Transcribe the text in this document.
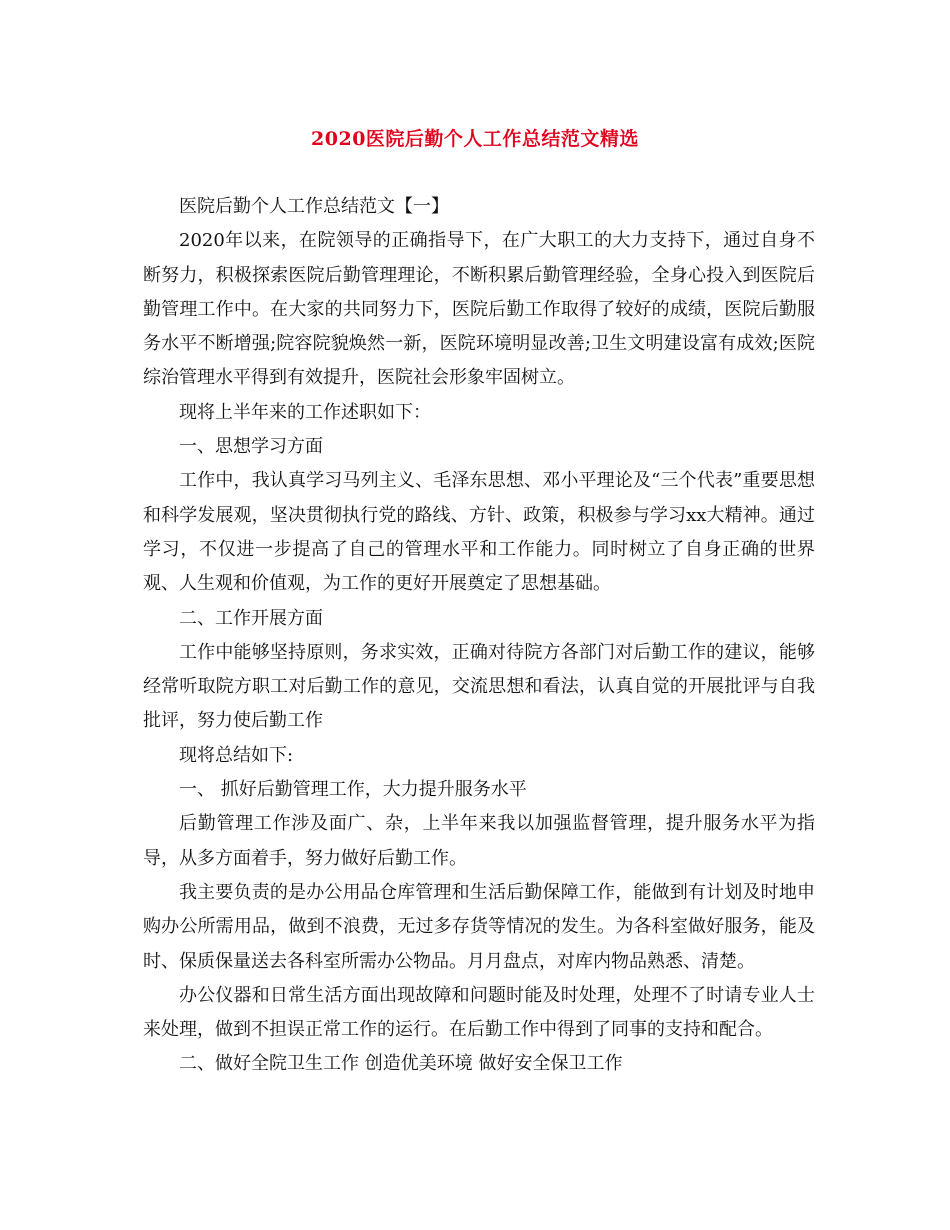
2020医院后勤个人工作总结范文精选

医院后勤个人工作总结范文【一】

2020年以来，在院领导的正确指导下，在广大职工的大力支持下，通过自身不断努力，积极探索医院后勤管理理论，不断积累后勤管理经验，全身心投入到医院后勤管理工作中。在大家的共同努力下，医院后勤工作取得了较好的成绩，医院后勤服务水平不断增强;院容院貌焕然一新，医院环境明显改善;卫生文明建设富有成效;医院综治管理水平得到有效提升，医院社会形象牢固树立。

现将上半年来的工作述职如下：

一、思想学习方面

工作中，我认真学习马列主义、毛泽东思想、邓小平理论及“三个代表”重要思想和科学发展观，坚决贯彻执行党的路线、方针、政策，积极参与学习xx大精神。通过学习，不仅进一步提高了自己的管理水平和工作能力。同时树立了自身正确的世界观、人生观和价值观，为工作的更好开展奠定了思想基础。

二、工作开展方面

工作中能够坚持原则，务求实效，正确对待院方各部门对后勤工作的建议，能够经常听取院方职工对后勤工作的意见，交流思想和看法，认真自觉的开展批评与自我批评，努力使后勤工作

现将总结如下:

一、 抓好后勤管理工作，大力提升服务水平

后勤管理工作涉及面广、杂，上半年来我以加强监督管理，提升服务水平为指导，从多方面着手，努力做好后勤工作。

我主要负责的是办公用品仓库管理和生活后勤保障工作，能做到有计划及时地申购办公所需用品，做到不浪费，无过多存货等情况的发生。为各科室做好服务，能及时、保质保量送去各科室所需办公物品。月月盘点，对库内物品熟悉、清楚。

办公仪器和日常生活方面出现故障和问题时能及时处理，处理不了时请专业人士来处理，做到不担误正常工作的运行。在后勤工作中得到了同事的支持和配合。

二、做好全院卫生工作 创造优美环境 做好安全保卫工作
